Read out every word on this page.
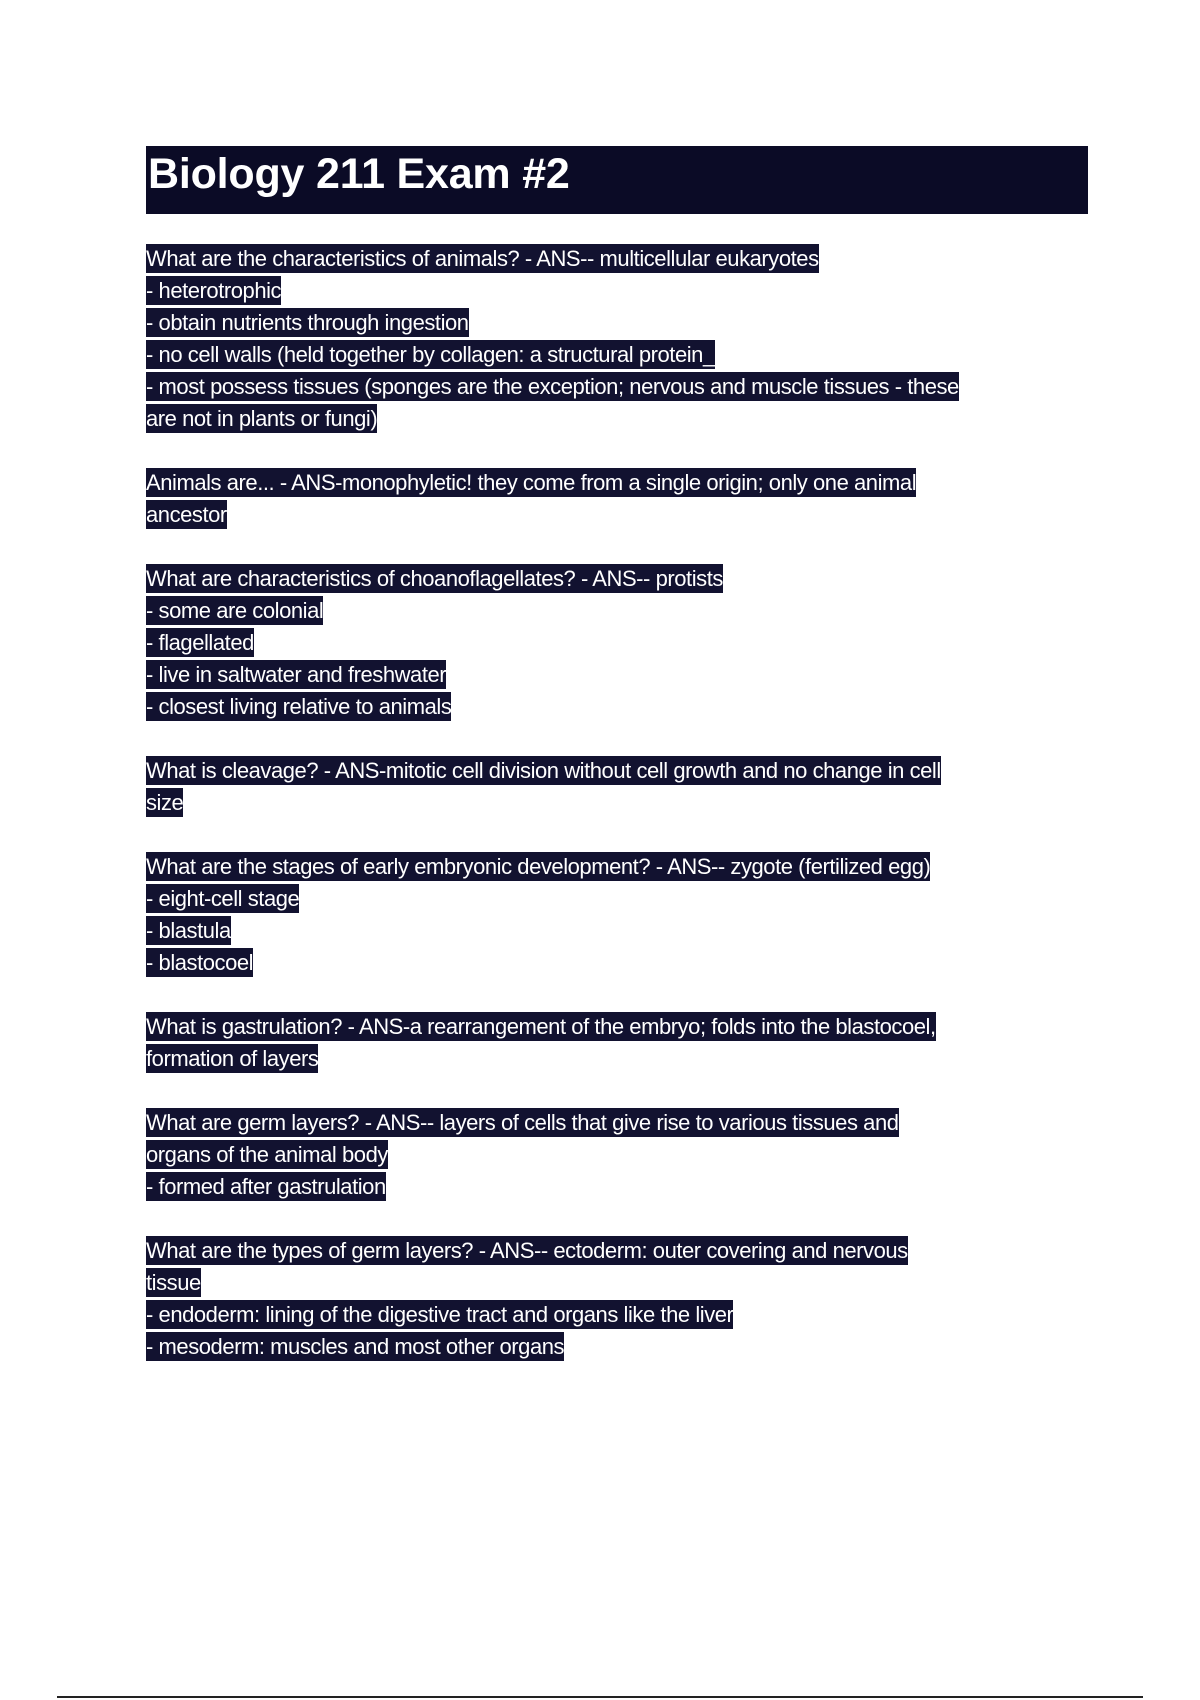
Biology 211 Exam #2
What are the characteristics of animals? - ANS-- multicellular eukaryotes
- heterotrophic
- obtain nutrients through ingestion
- no cell walls (held together by collagen: a structural protein_
- most possess tissues (sponges are the exception; nervous and muscle tissues - these
are not in plants or fungi)
Animals are... - ANS-monophyletic! they come from a single origin; only one animal
ancestor
What are characteristics of choanoflagellates? - ANS-- protists
- some are colonial
- flagellated
- live in saltwater and freshwater
- closest living relative to animals
What is cleavage? - ANS-mitotic cell division without cell growth and no change in cell
size
What are the stages of early embryonic development? - ANS-- zygote (fertilized egg)
- eight-cell stage
- blastula
- blastocoel
What is gastrulation? - ANS-a rearrangement of the embryo; folds into the blastocoel,
formation of layers
What are germ layers? - ANS-- layers of cells that give rise to various tissues and
organs of the animal body
- formed after gastrulation
What are the types of germ layers? - ANS-- ectoderm: outer covering and nervous
tissue
- endoderm: lining of the digestive tract and organs like the liver
- mesoderm: muscles and most other organs
